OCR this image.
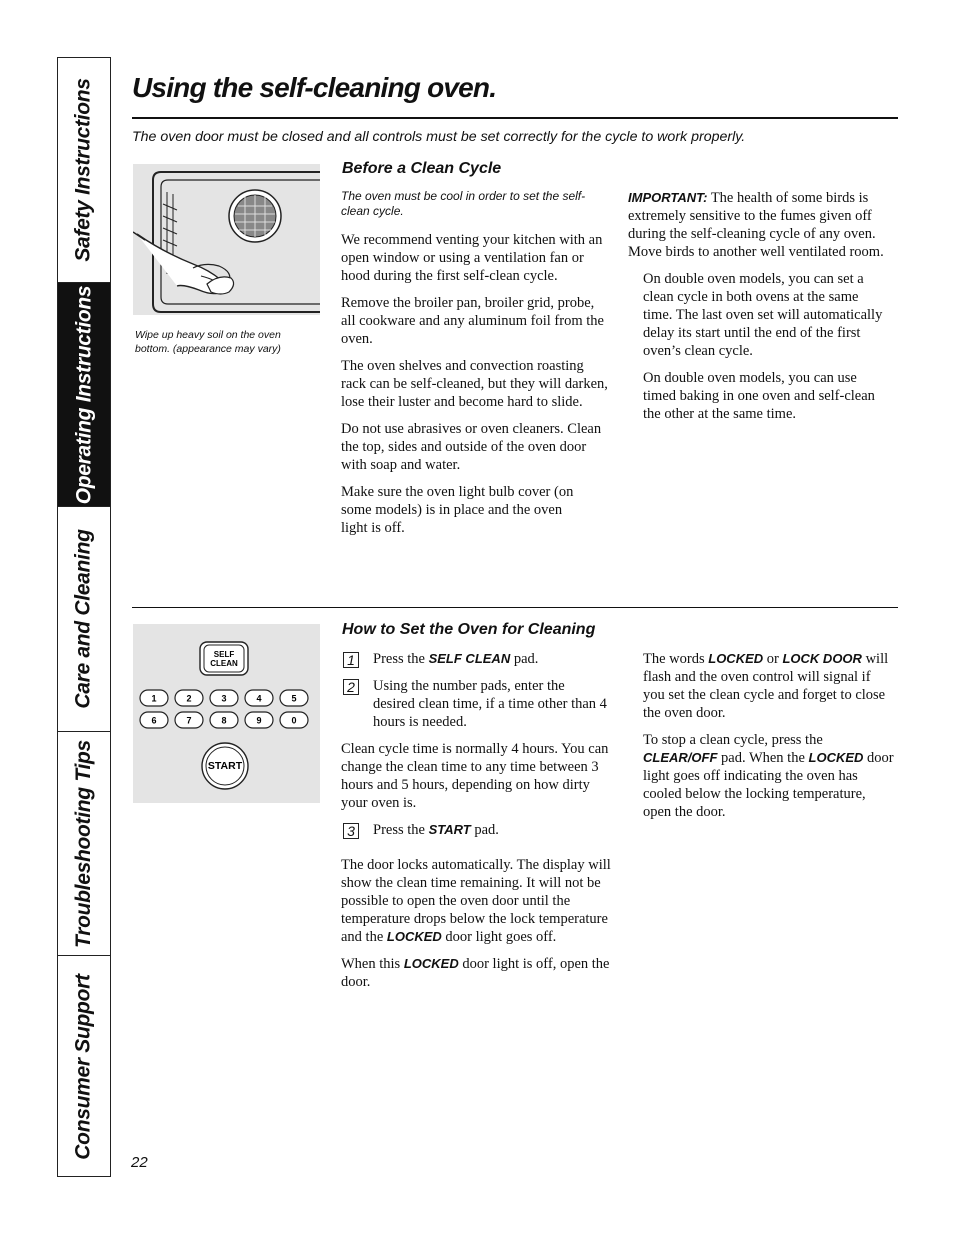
Safety Instructions
Operating Instructions
Care and Cleaning
Troubleshooting Tips
Consumer Support
Using the self-cleaning oven.
The oven door must be closed and all controls must be set correctly for the cycle to work properly.
Wipe up heavy soil on the oven bottom. (appearance may vary)
Before a Clean Cycle

The oven must be cool in order to set the self-clean cycle.

We recommend venting your kitchen with an open window or using a ventilation fan or hood during the first self-clean cycle.

Remove the broiler pan, broiler grid, probe, all cookware and any aluminum foil from the oven.

The oven shelves and convection roasting rack can be self-cleaned, but they will darken, lose their luster and become hard to slide.

Do not use abrasives or oven cleaners. Clean the top, sides and outside of the oven door with soap and water.

Make sure the oven light bulb cover (on some models) is in place and the oven light is off.

IMPORTANT: The health of some birds is extremely sensitive to the fumes given off during the self-cleaning cycle of any oven. Move birds to another well ventilated room.

On double oven models, you can set a clean cycle in both ovens at the same time. The last oven set will automatically delay its start until the end of the first oven’s clean cycle.

On double oven models, you can use timed baking in one oven and self-clean the other at the same time.

SELF
CLEAN
1	2	3	4	5
6	7	8	9	0
START
How to Set the Oven for Cleaning
1 Press the SELF CLEAN pad.
2 Using the number pads, enter the desired clean time, if a time other than 4 hours is needed.

Clean cycle time is normally 4 hours. You can change the clean time to any time between 3 hours and 5 hours, depending on how dirty your oven is.

3 Press the START pad.

The door locks automatically. The display will show the clean time remaining. It will not be possible to open the oven door until the temperature drops below the lock temperature and the LOCKED door light goes off.

When this LOCKED door light is off, open the door.

The words LOCKED or LOCK DOOR will flash and the oven control will signal if you set the clean cycle and forget to close the oven door.

To stop a clean cycle, press the CLEAR/OFF pad. When the LOCKED door light goes off indicating the oven has cooled below the locking temperature, open the door.

22
